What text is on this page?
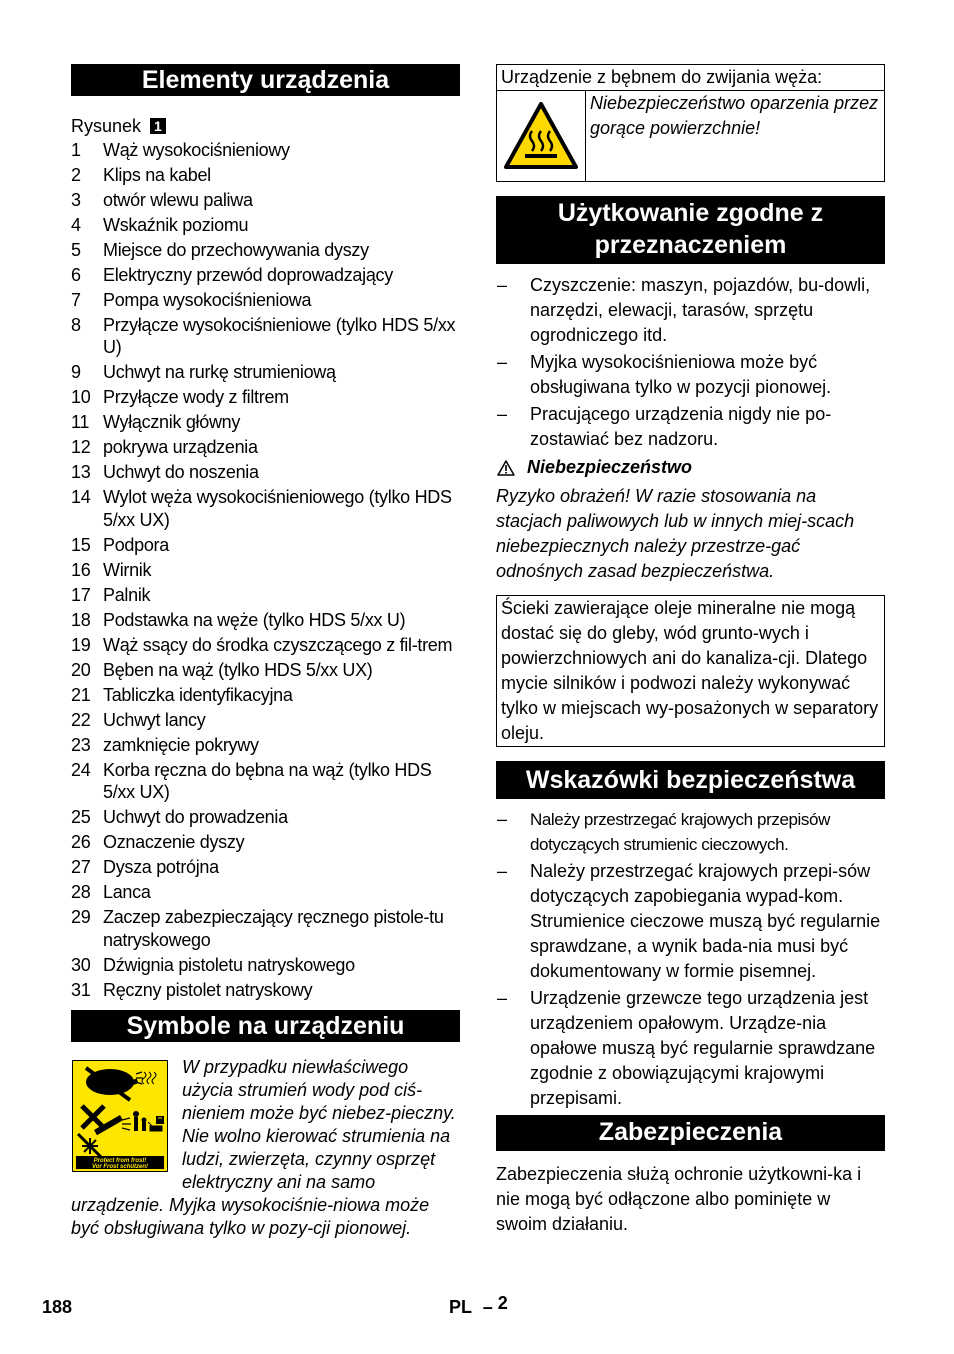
Elementy urządzenia
Rysunek 1
1	Wąż wysokociśnieniowy
2	Klips na kabel
3	otwór wlewu paliwa
4	Wskaźnik poziomu
5	Miejsce do przechowywania dyszy
6	Elektryczny przewód doprowadzający
7	Pompa wysokociśnieniowa
8	Przyłącze wysokociśnieniowe (tylko HDS 5/xx U)
9	Uchwyt na rurkę strumieniową
10 Przyłącze wody z filtrem
11 Wyłącznik główny
12 pokrywa urządzenia
13 Uchwyt do noszenia
14 Wylot węża wysokociśnieniowego (tylko HDS 5/xx UX)
15 Podpora
16 Wirnik
17 Palnik
18 Podstawka na węże (tylko HDS 5/xx U)
19 Wąż ssący do środka czyszczącego z fil-trem
20 Bęben na wąż (tylko HDS 5/xx UX)
21 Tabliczka identyfikacyjna
22 Uchwyt lancy
23 zamknięcie pokrywy
24 Korba ręczna do bębna na wąż (tylko HDS 5/xx UX)
25 Uchwyt do prowadzenia
26 Oznaczenie dyszy
27 Dysza potrójna
28 Lanca
29 Zaczep zabezpieczający ręcznego pistole-tu natryskowego
30 Dźwignia pistoletu natryskowego
31 Ręczny pistolet natryskowy
Symbole na urządzeniu
Protect from frost!
Vor Frost schützen!
W przypadku niewłaściwego użycia strumień wody pod ciś-nieniem może być niebez-pieczny. Nie wolno kierować strumienia na ludzi, zwierzęta, czynny osprzęt elektryczny ani na samo urządzenie. Myjka wysokociśnie-niowa może być obsługiwana tylko w pozy-cji pionowej.
Urządzenie z bębnem do zwijania węża:
Niebezpieczeństwo oparzenia przez gorące powierzchnie!
Użytkowanie zgodne z przeznaczeniem
–	Czyszczenie: maszyn, pojazdów, bu-dowli, narzędzi, elewacji, tarasów, sprzętu ogrodniczego itd.
–	Myjka wysokociśnieniowa może być obsługiwana tylko w pozycji pionowej.
–	Pracującego urządzenia nigdy nie po-zostawiać bez nadzoru.
Niebezpieczeństwo
Ryzyko obrażeń! W razie stosowania na stacjach paliwowych lub w innych miej-scach niebezpiecznych należy przestrze-gać odnośnych zasad bezpieczeństwa.
Ścieki zawierające oleje mineralne nie mogą dostać się do gleby, wód grunto-wych i powierzchniowych ani do kanaliza-cji. Dlatego mycie silników i podwozi należy wykonywać tylko w miejscach wy-posażonych w separatory oleju.
Wskazówki bezpieczeństwa
–	Należy przestrzegać krajowych przepisów dotyczących strumienic cieczowych.
–	Należy przestrzegać krajowych przepi-sów dotyczących zapobiegania wypad-kom. Strumienice cieczowe muszą być regularnie sprawdzane, a wynik bada-nia musi być dokumentowany w formie pisemnej.
–	Urządzenie grzewcze tego urządzenia jest urządzeniem opałowym. Urządze-nia opałowe muszą być regularnie sprawdzane zgodnie z obowiązującymi krajowymi przepisami.
Zabezpieczenia
Zabezpieczenia służą ochronie użytkowni-ka i nie mogą być odłączone albo pominięte w swoim działaniu.
188	PL – 2
